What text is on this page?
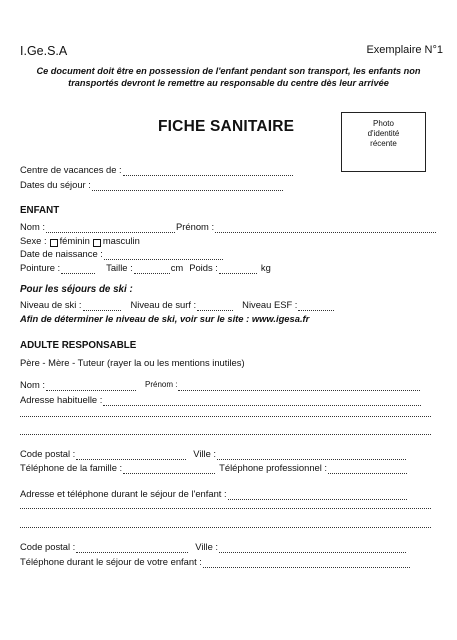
I.Ge.S.A	Exemplaire N°1
Ce document doit être en possession de l'enfant pendant son transport, les enfants non transportés devront le remettre au responsable du centre dès leur arrivée
FICHE SANITAIRE	Photo
d'identité
récente
Centre de vacances de :
Dates du séjour :
ENFANT
Nom :	Prénom :
Sexe : féminin masculin
Date de naissance :
Pointure :	Taille :	cm Poids :	kg
Pour les séjours de ski :
Niveau de ski :	Niveau de surf :	Niveau ESF :
Afin de déterminer le niveau de ski, voir sur le site : www.igesa.fr
ADULTE RESPONSABLE
Père - Mère - Tuteur (rayer la ou les mentions inutiles)
Nom :	Prénom :
Adresse habituelle :
Code postal :	Ville :
Téléphone de la famille :	Téléphone professionnel :
Adresse et téléphone durant le séjour de l'enfant :
Code postal :	Ville :
Téléphone durant le séjour de votre enfant :
